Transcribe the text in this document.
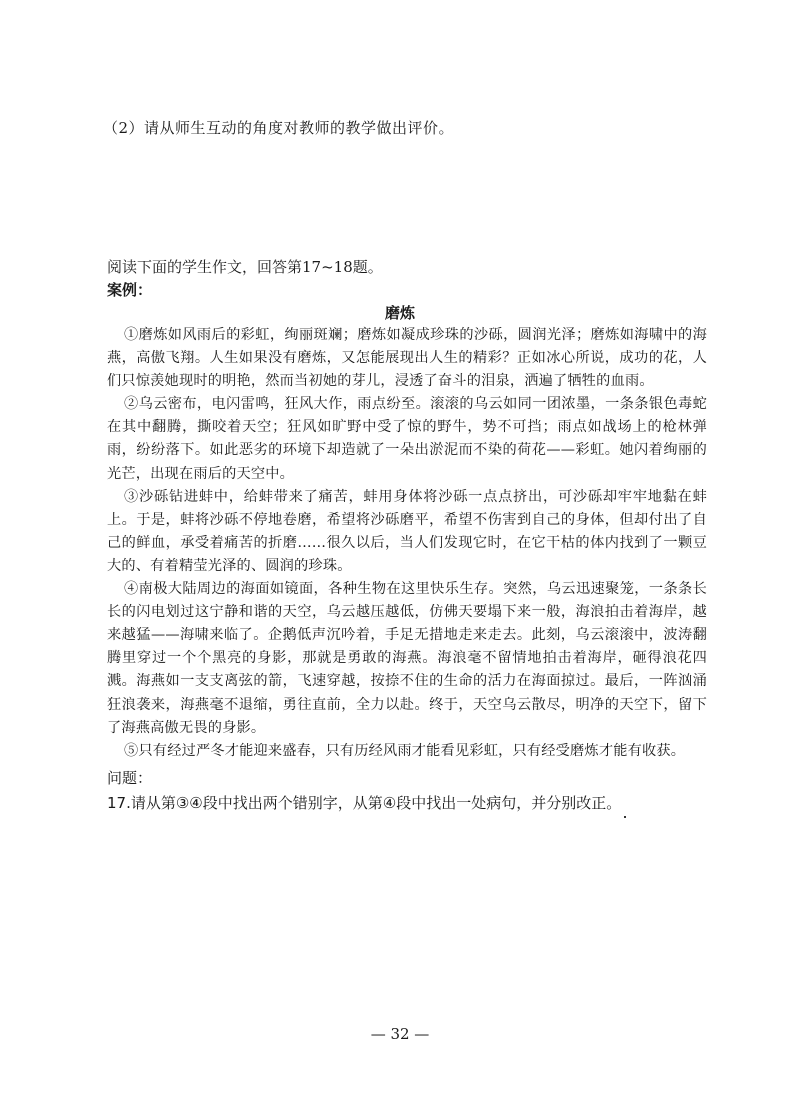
（2）请从师生互动的角度对教师的教学做出评价。
阅读下面的学生作文，回答第17~18题。
案例：
磨炼

①磨炼如风雨后的彩虹，绚丽斑斓；磨炼如凝成珍珠的沙砾，圆润光泽；磨炼如海啸中的海燕，高傲飞翔。人生如果没有磨炼，又怎能展现出人生的精彩？正如冰心所说，成功的花，人们只惊羡她现时的明艳，然而当初她的芽儿，浸透了奋斗的泪泉，洒遍了牺牲的血雨。

②乌云密布，电闪雷鸣，狂风大作，雨点纷至。滚滚的乌云如同一团浓墨，一条条银色毒蛇在其中翻腾，撕咬着天空；狂风如旷野中受了惊的野牛，势不可挡；雨点如战场上的枪林弹雨，纷纷落下。如此恶劣的环境下却造就了一朵出淤泥而不染的荷花——彩虹。她闪着绚丽的光芒，出现在雨后的天空中。

③沙砾钻进蚌中，给蚌带来了痛苦，蚌用身体将沙砾一点点挤出，可沙砾却牢牢地黏在蚌上。于是，蚌将沙砾不停地卷磨，希望将沙砾磨平，希望不伤害到自己的身体，但却付出了自己的鲜血，承受着痛苦的折磨……很久以后，当人们发现它时，在它干枯的体内找到了一颗豆大的、有着精莹光泽的、圆润的珍珠。

④南极大陆周边的海面如镜面，各种生物在这里快乐生存。突然，乌云迅速聚笼，一条条长长的闪电划过这宁静和谐的天空，乌云越压越低，仿佛天要塌下来一般，海浪拍击着海岸，越来越猛——海啸来临了。企鹅低声沉吟着，手足无措地走来走去。此刻，乌云滚滚中，波涛翻腾里穿过一个个黑亮的身影，那就是勇敢的海燕。海浪毫不留情地拍击着海岸，砸得浪花四溅。海燕如一支支离弦的箭，飞速穿越，按捺不住的生命的活力在海面掠过。最后，一阵汹涌狂浪袭来，海燕毫不退缩，勇往直前，全力以赴。终于，天空乌云散尽，明净的天空下，留下了海燕高傲无畏的身影。

⑤只有经过严冬才能迎来盛春，只有历经风雨才能看见彩虹，只有经受磨炼才能有收获。

问题：
17.请从第③④段中找出两个错别字，从第④段中找出一处病句，并分别改正。
— 32 —
